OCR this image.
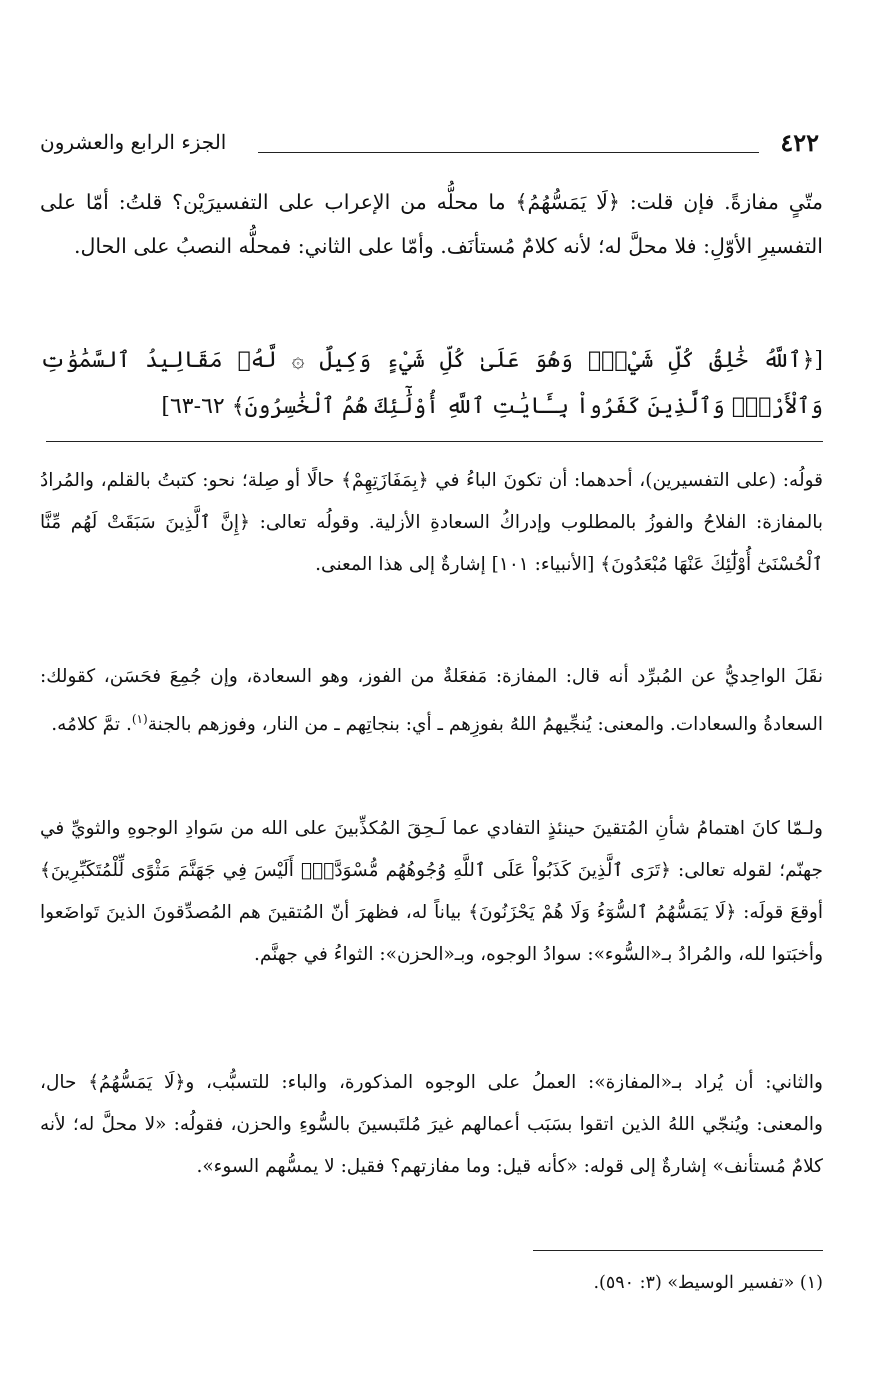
٤٢٢
الجزء الرابع والعشرون

متّىٍ مفازةً. فإن قلت: ﴿لَا يَمَسُّهُمُ﴾ ما محلُّه من الإعراب على التفسيرَيْن؟ قلتُ: أمّا على التفسيرِ الأوّلِ: فلا محلَّ له؛ لأنه كلامٌ مُستأنَف. وأمّا على الثاني: فمحلُّه النصبُ على الحال.

[﴿ٱللَّهُ خَٰلِقُ كُلِّ شَيْءٍۖ وَهُوَ عَلَىٰ كُلِّ شَيْءٍ وَكِيلٌ ۞ لَّهُۥ مَقَالِيدُ ٱلسَّمَٰوَٰتِ وَٱلْأَرْضِۗ وَٱلَّذِينَ كَفَرُواْ بِـَٔايَٰتِ ٱللَّهِ أُوْلَٰٓئِكَ هُمُ ٱلْخَٰسِرُونَ﴾ ٦٢-٦٣]

قولُه: (على التفسيرين)، أحدهما: أن تكونَ الباءُ في ﴿بِمَفَازَتِهِمْ﴾ حالًا أو صِلة؛ نحو: كتبتُ بالقلم، والمُرادُ بالمفازة: الفلاحُ والفوزُ بالمطلوب وإدراكُ السعادةِ الأزلية. وقولُه تعالى: ﴿إِنَّ ٱلَّذِينَ سَبَقَتْ لَهُم مِّنَّا ٱلْحُسْنَىٰٓ أُوْلَٰٓئِكَ عَنْهَا مُبْعَدُونَ﴾ [الأنبياء: ١٠١] إشارةٌ إلى هذا المعنى.

نقَلَ الواحِديُّ عن المُبرِّد أنه قال: المفازة: مَفعَلةٌ من الفوز، وهو السعادة، وإن جُمِعَ فحَسَن، كقولك: السعادةُ والسعادات. والمعنى: يُنجِّيهمُ اللهُ بفوزِهم ـ أي: بنجاتِهم ـ من النار، وفوزهم بالجنة$^{(١)}$. تمَّ كلامُه.

ولـمّا كانَ اهتمامُ شأنِ المُتقينَ حينئذٍ التفادي عما لَـحِقَ المُكذِّبينَ على الله من سَوادِ الوجوهِ والثويِّ في جهنّم؛ لقوله تعالى: ﴿تَرَى ٱلَّذِينَ كَذَبُواْ عَلَى ٱللَّهِ وُجُوهُهُم مُّسْوَدَّةٌۚ أَلَيْسَ فِي جَهَنَّمَ مَثْوًى لِّلْمُتَكَبِّرِينَ﴾ أوقعَ قولَه: ﴿لَا يَمَسُّهُمُ ٱلسُّوٓءُ وَلَا هُمْ يَحْزَنُونَ﴾ بياناً له، فظهرَ أنّ المُتقينَ هم المُصدِّقونَ الذينَ تَواضَعوا وأخبَتوا لله، والمُرادُ بـ«السُّوء»: سوادُ الوجوه، وبـ«الحزن»: الثواءُ في جهنَّم.

والثاني: أن يُراد بـ«المفازة»: العملُ على الوجوه المذكورة، والباء: للتسبُّب، و﴿لَا يَمَسُّهُمُ﴾ حال، والمعنى: ويُنجّي اللهُ الذين اتقوا بسَبَب أعمالهم غيرَ مُلتَبسينَ بالسُّوءِ والحزن، فقولُه: «لا محلَّ له؛ لأنه كلامٌ مُستأنف» إشارةٌ إلى قوله: «كأنه قيل: وما مفازتهم؟ فقيل: لا يمسُّهم السوء».

(١) «تفسير الوسيط» (٣: ٥٩٠).
